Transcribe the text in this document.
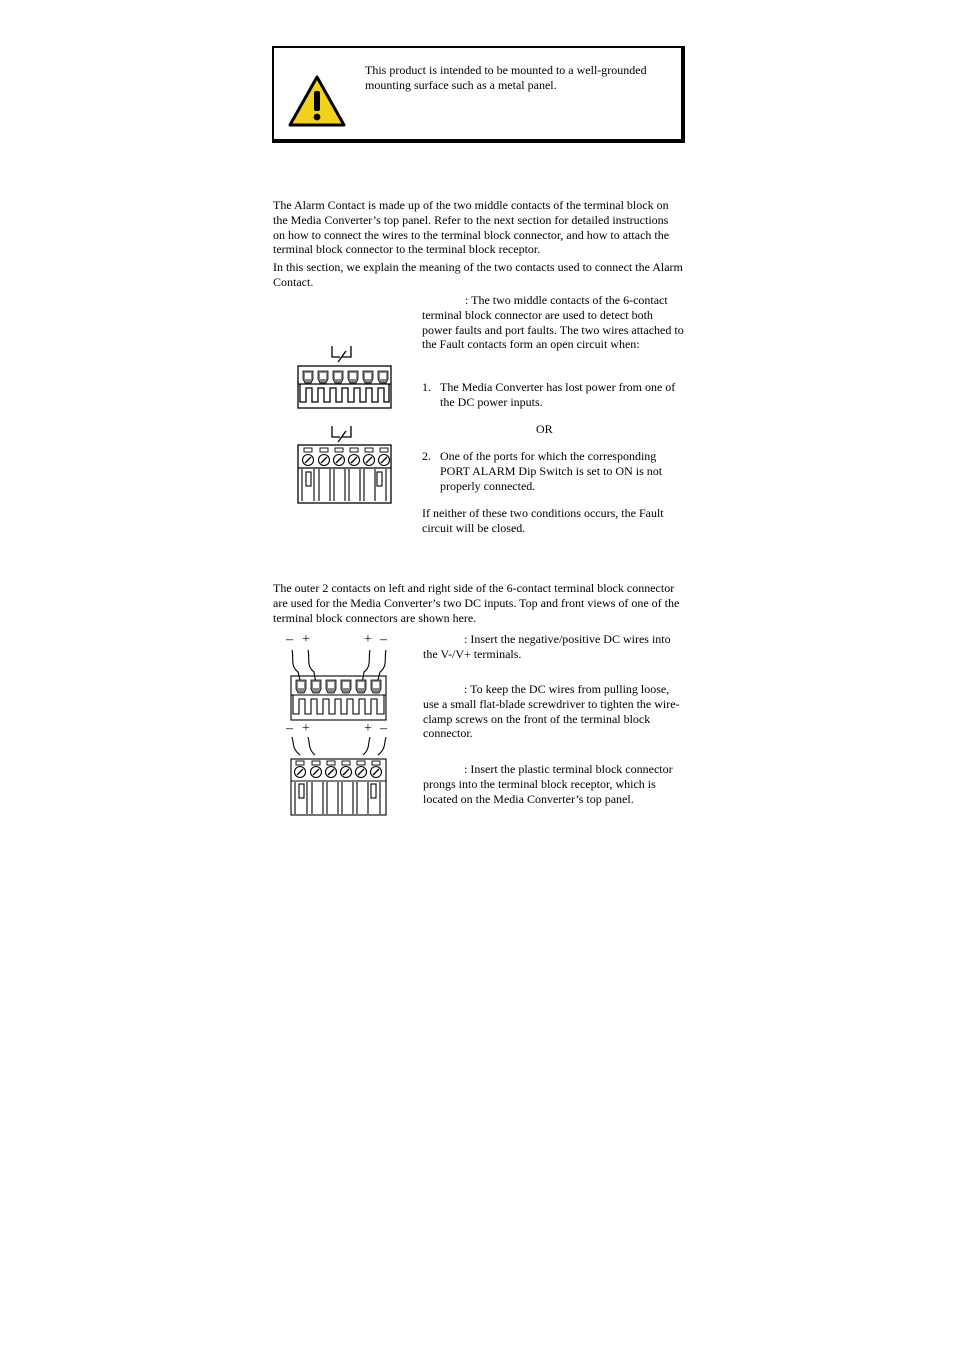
This product is intended to be mounted to a well-grounded mounting surface such as a metal panel.

The Alarm Contact is made up of the two middle contacts of the terminal block on the Media Converter’s top panel. Refer to the next section for detailed instructions on how to connect the wires to the terminal block connector, and how to attach the terminal block connector to the terminal block receptor.

In this section, we explain the meaning of the two contacts used to connect the Alarm Contact.

: The two middle contacts of the 6-contact terminal block connector are used to detect both power faults and port faults. The two wires attached to the Fault contacts form an open circuit when:

1. The Media Converter has lost power from one of the DC power inputs.

OR

2. One of the ports for which the corresponding PORT ALARM Dip Switch is set to ON is not properly connected.

If neither of these two conditions occurs, the Fault circuit will be closed.

The outer 2 contacts on left and right side of the 6-contact terminal block connector are used for the Media Converter’s two DC inputs. Top and front views of one of the terminal block connectors are shown here.

: Insert the negative/positive DC wires into the V-/V+ terminals.

: To keep the DC wires from pulling loose, use a small flat-blade screwdriver to tighten the wire-clamp screws on the front of the terminal block connector.

: Insert the plastic terminal block connector prongs into the terminal block receptor, which is located on the Media Converter’s top panel.

– +	+ –
– +	+ –
